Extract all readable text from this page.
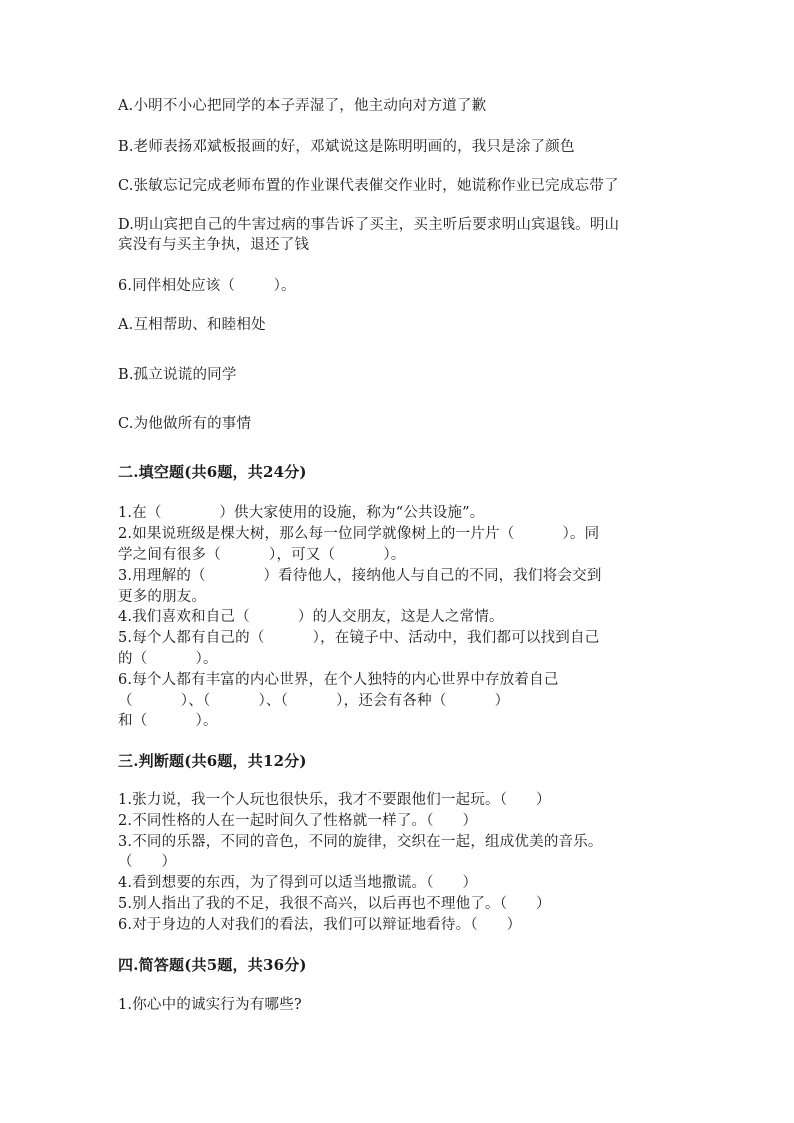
A.小明不小心把同学的本子弄湿了，他主动向对方道了歉
B.老师表扬邓斌板报画的好，邓斌说这是陈明明画的，我只是涂了颜色
C.张敏忘记完成老师布置的作业课代表催交作业时，她谎称作业已完成忘带了
D.明山宾把自己的牛害过病的事告诉了买主，买主听后要求明山宾退钱。明山
宾没有与买主争执，退还了钱
6.同伴相处应该（        ）。
A.互相帮助、和睦相处
B.孤立说谎的同学
C.为他做所有的事情
二.填空题(共6题，共24分)
1.在（            ）供大家使用的设施，称为“公共设施”。
2.如果说班级是棵大树，那么每一位同学就像树上的一片片（          ）。同
学之间有很多（          ），可又（          ）。
3.用理解的（            ）看待他人，接纳他人与自己的不同，我们将会交到
更多的朋友。
4.我们喜欢和自己（          ）的人交朋友，这是人之常情。
5.每个人都有自己的（          ），在镜子中、活动中，我们都可以找到自己
的（          ）。
6.每个人都有丰富的内心世界，在个人独特的内心世界中存放着自己
（          ）、（          ）、（          ），还会有各种（          ）
和（          ）。
三.判断题(共6题，共12分)
1.张力说，我一个人玩也很快乐，我才不要跟他们一起玩。（      ）
2.不同性格的人在一起时间久了性格就一样了。（      ）
3.不同的乐器，不同的音色，不同的旋律，交织在一起，组成优美的音乐。
（      ）
4.看到想要的东西，为了得到可以适当地撒谎。（      ）
5.别人指出了我的不足，我很不高兴，以后再也不理他了。（      ）
6.对于身边的人对我们的看法，我们可以辩证地看待。（      ）
四.简答题(共5题，共36分)
1.你心中的诚实行为有哪些?
